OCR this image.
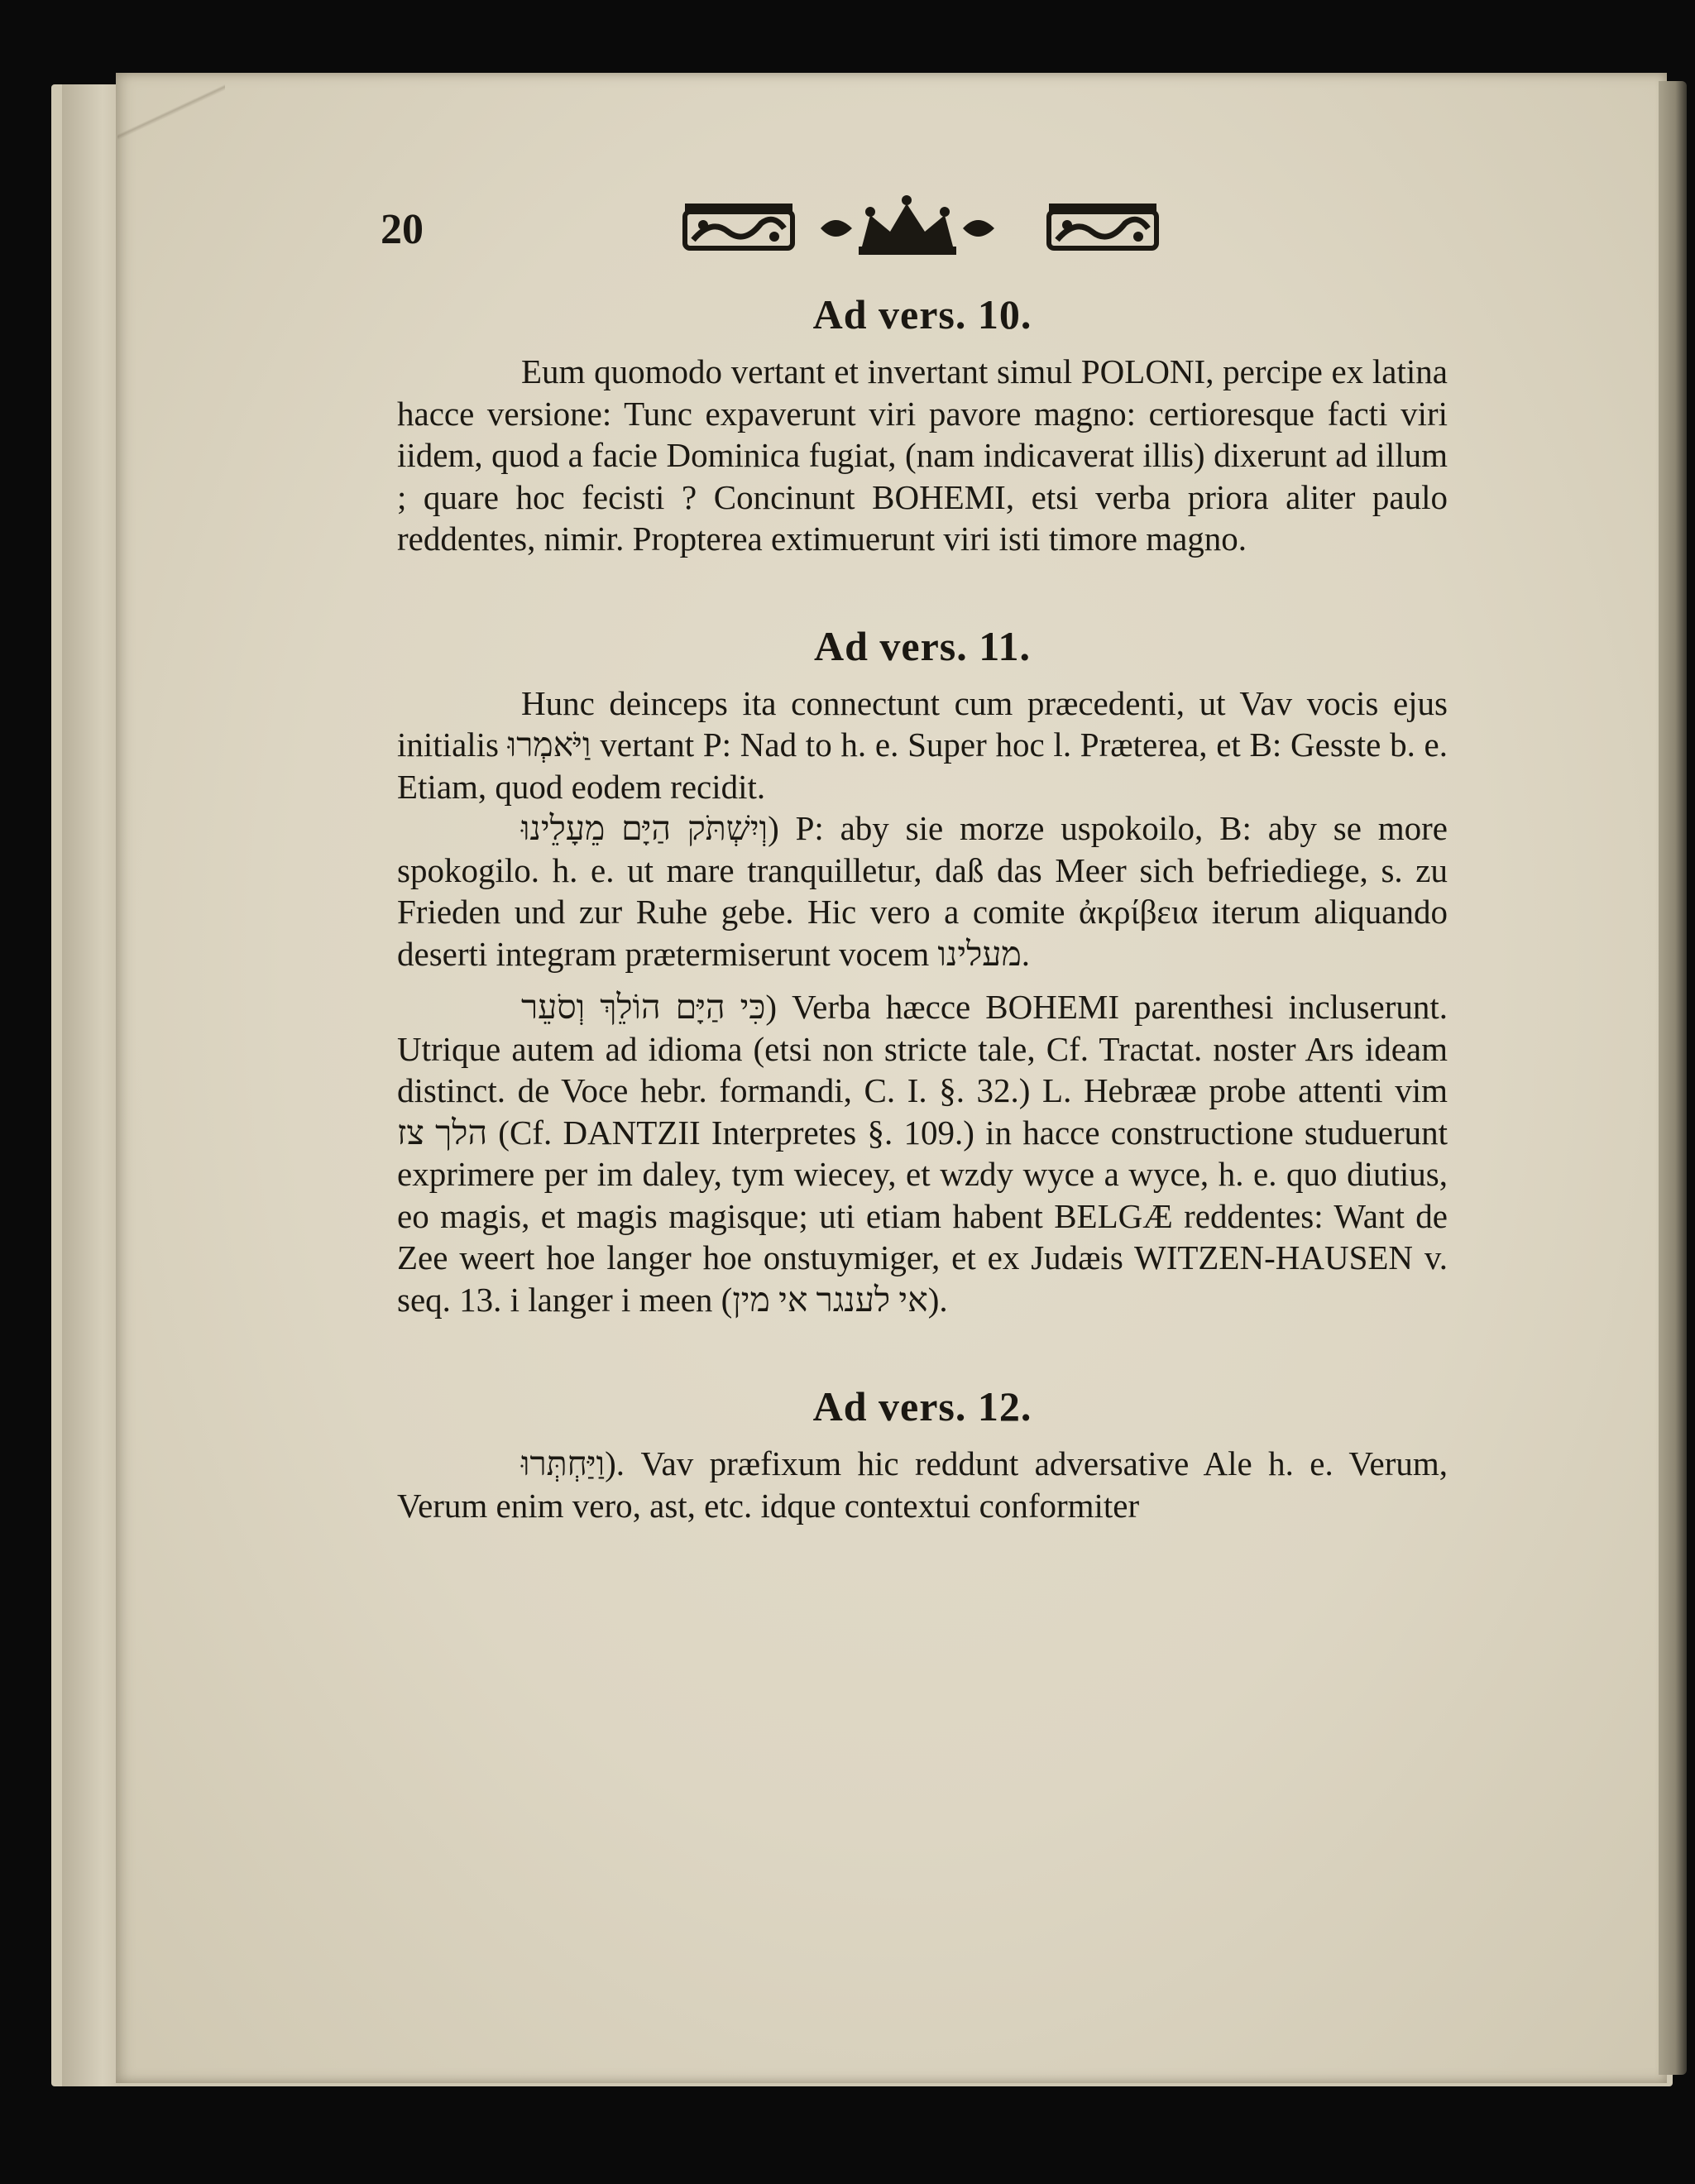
20
Ad vers. 10.

Eum quomodo vertant et invertant simul POLONI, percipe ex latina hacce versione: Tunc expaverunt viri pavore magno: certioresque facti viri iidem, quod a facie Dominica fugiat, (nam indicaverat illis) dixerunt ad illum ; quare hoc fecisti ? Concinunt BOHEMI, etsi verba priora aliter paulo reddentes, nimir. Propterea extimuerunt viri isti timore magno.

Ad vers. 11.

Hunc deinceps ita connectunt cum præcedenti, ut Vav vocis ejus initialis וַיֹּאמְרוּ vertant P: Nad to h. e. Super hoc l. Præterea, et B: Gesste b. e. Etiam, quod eodem recidit.

וְיִשְׁתֹּק הַיָּם מֵעָלֵינוּ) P: aby sie morze uspokoilo, B: aby se more spokogilo. h. e. ut mare tranquilletur, daß das Meer sich befriediege, s. zu Frieden und zur Ruhe gebe. Hic vero a comite ἀκρίβεια iterum aliquando deserti integram prætermiserunt vocem מעלינו.

כִּי הַיָּם הוֹלֵךְ וְסֹעֵר) Verba hæcce BOHEMI parenthesi incluserunt. Utrique autem ad idioma (etsi non stricte tale, Cf. Tractat. noster Ars ideam distinct. de Voce hebr. formandi, C. I. §. 32.) L. Hebrææ probe attenti vim הלך צז (Cf. DANTZII Interpretes §. 109.) in hacce constructione studuerunt exprimere per im daley, tym wiecey, et wzdy wyce a wyce, h. e. quo diutius, eo magis, et magis magisque; uti etiam habent BELGÆ reddentes: Want de Zee weert hoe langer hoe onstuymiger, et ex Judæis WITZEN-HAUSEN v. seq. 13. i langer i meen (אי לענגר אי מין).

Ad vers. 12.

וַיַּחְתְּרוּ). Vav præfixum hic reddunt adversative Ale h. e. Verum, Verum enim vero, ast, etc. idque contextui conformiter
